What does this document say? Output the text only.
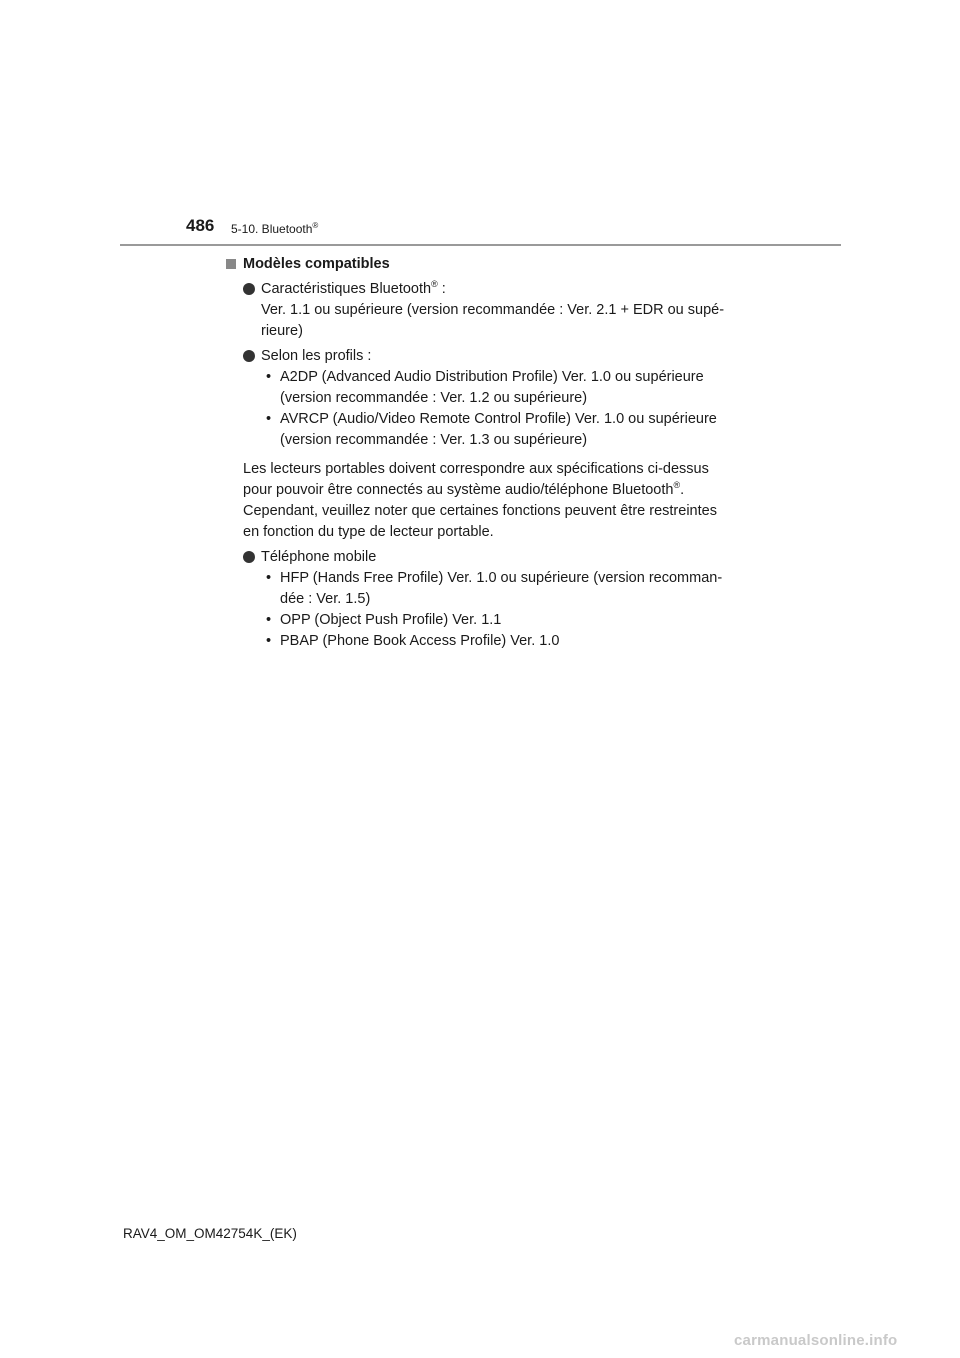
486 5-10. Bluetooth®
Modèles compatibles
Caractéristiques Bluetooth® :
Ver. 1.1 ou supérieure (version recommandée : Ver. 2.1 + EDR ou supé-
rieure)
Selon les profils :
• A2DP (Advanced Audio Distribution Profile) Ver. 1.0 ou supérieure
(version recommandée : Ver. 1.2 ou supérieure)
• AVRCP (Audio/Video Remote Control Profile) Ver. 1.0 ou supérieure
(version recommandée : Ver. 1.3 ou supérieure)
Les lecteurs portables doivent correspondre aux spécifications ci-dessus
pour pouvoir être connectés au système audio/téléphone Bluetooth®.
Cependant, veuillez noter que certaines fonctions peuvent être restreintes
en fonction du type de lecteur portable.
Téléphone mobile
• HFP (Hands Free Profile) Ver. 1.0 ou supérieure (version recomman-
dée : Ver. 1.5)
• OPP (Object Push Profile) Ver. 1.1
• PBAP (Phone Book Access Profile) Ver. 1.0
RAV4_OM_OM42754K_(EK)
carmanualsonline.info
